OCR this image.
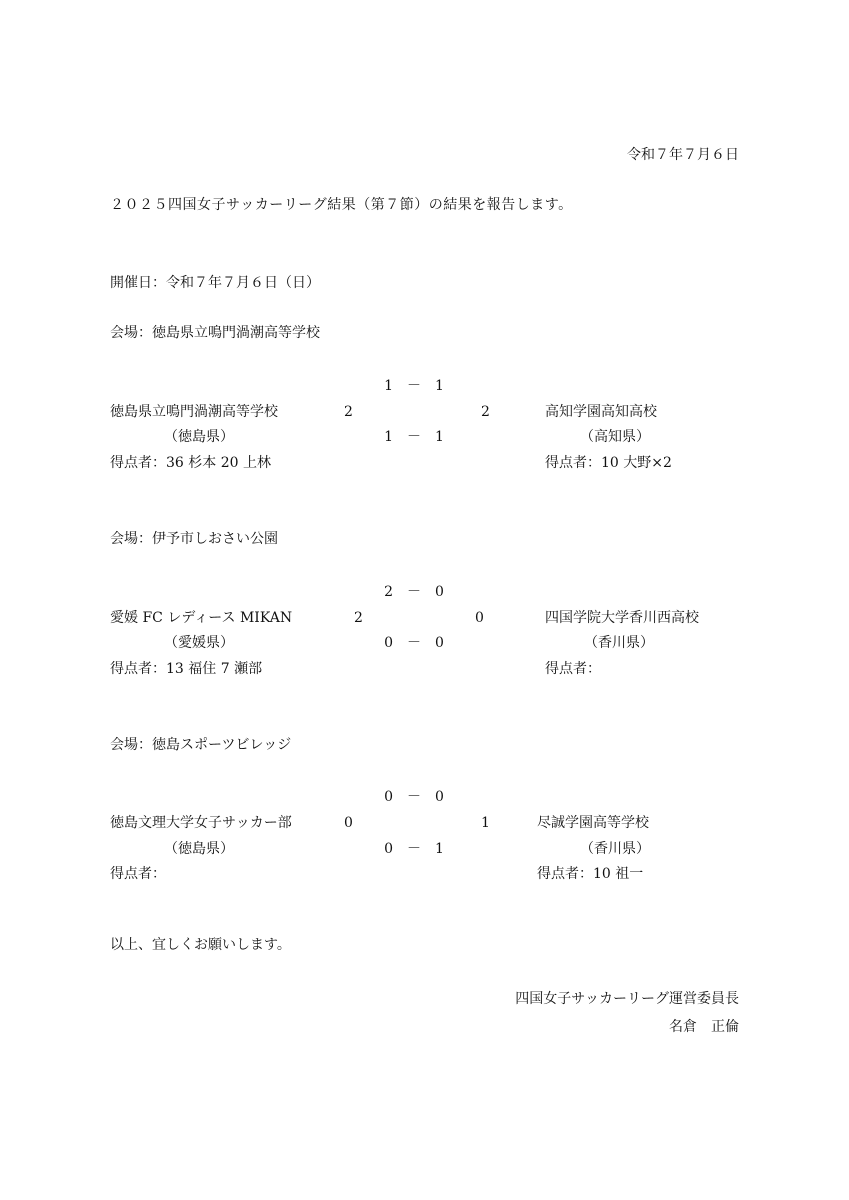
令和７年７月６日
２０２５四国女子サッカーリーグ結果（第７節）の結果を報告します。
開催日：令和７年７月６日（日）
会場：徳島県立鳴門渦潮高等学校
1　－　1
徳島県立鳴門渦潮高等学校	2	2	高知学園高知高校
（徳島県）	1　－　1	（高知県）
得点者：36 杉本 20 上林	得点者：10 大野×2
会場：伊予市しおさい公園
2　－　0
愛媛 FC レディース MIKAN	2	0	四国学院大学香川西高校
（愛媛県）	0　－　0	（香川県）
得点者：13 福住 7 瀬部	得点者：
会場：徳島スポーツビレッジ
0　－　0
徳島文理大学女子サッカー部	0	1	尽誠学園高等学校
（徳島県）	0　－　1	（香川県）
得点者：	得点者：10 祖一
以上、宜しくお願いします。
四国女子サッカーリーグ運営委員長
名倉　正倫
